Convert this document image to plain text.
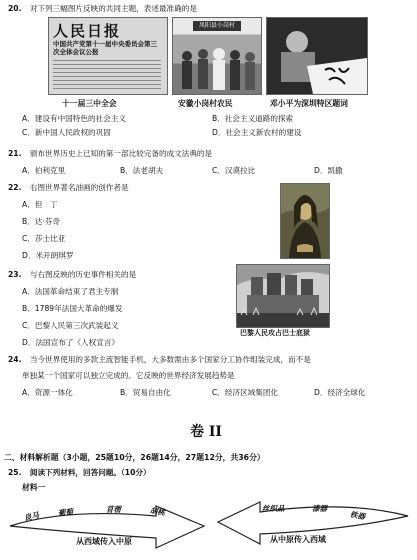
20. 对下列三幅图片反映的共同主题，表述最准确的是
人民日报
中国共产党第十一届中央委员会第三次全体会议公报
凤阳县小岗村
十一届三中全会	安徽小岗村农民	邓小平为深圳特区题词
A．建设有中国特色的社会主义	B．社会主义道路的探索
C．新中国人民政权的巩固	D．社会主义新农村的建设
21. 颁布世界历史上已知的第一部比较完备的成文法典的是
A．伯利克里	B．法老胡夫	C．汉谟拉比	D．凯撒
22. 右图世界著名油画的创作者是
A．但　丁
B．达·芬奇
C．莎士比亚
D．米开朗琪罗
23. 与右图反映的历史事件相关的是
A．法国革命结束了君主专制
B．1789年法国大革命的爆发
C．巴黎人民第三次武装起义
D．法国宣布了《人权宣言》
巴黎人民攻占巴士底狱
24. 当今世界使用的多款主流智能手机，大多数需由多个国家分工协作组装完成，而不是
单独某一个国家可以独立完成的。它反映的世界经济发展趋势是
A．资源一体化	B．贸易自由化	C．经济区域集团化	D．经济全球化
卷 II
二、材料解析题（3小题，25题10分，26题14分，27题12分，共36分）
25. 阅读下列材料，回答问题。（10分）
材料一
良马 葡萄	苜蓿	胡桃
从西域传入中原
丝织品	漆器
铁器
从中原传入西域
